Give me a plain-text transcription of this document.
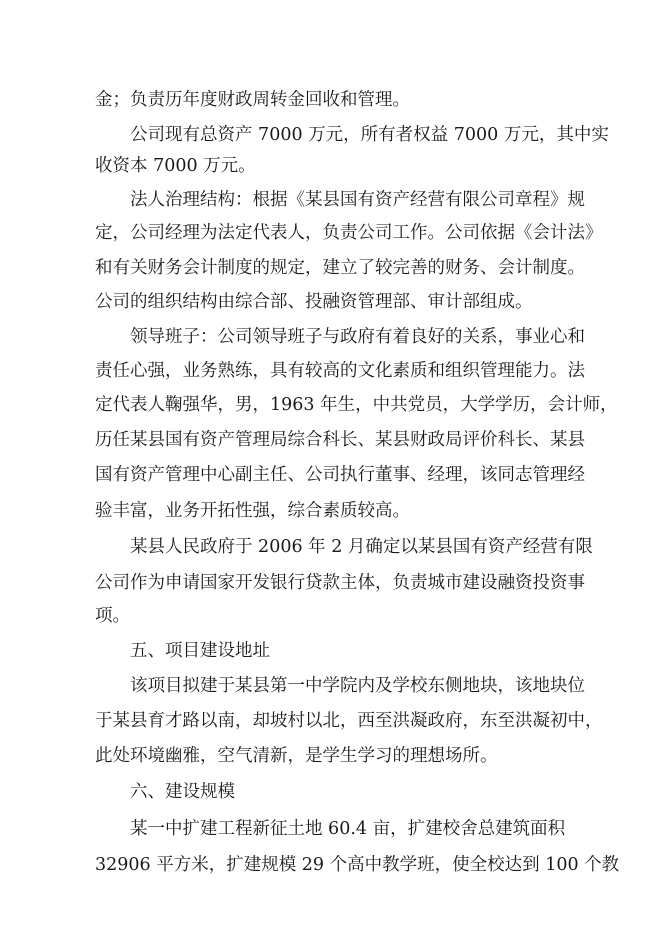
金；负责历年度财政周转金回收和管理。
公司现有总资产 7000 万元，所有者权益 7000 万元，其中实
收资本 7000 万元。
法人治理结构：根据《某县国有资产经营有限公司章程》规
定，公司经理为法定代表人，负责公司工作。公司依据《会计法》
和有关财务会计制度的规定，建立了较完善的财务、会计制度。
公司的组织结构由综合部、投融资管理部、审计部组成。
领导班子：公司领导班子与政府有着良好的关系，事业心和
责任心强，业务熟练，具有较高的文化素质和组织管理能力。法
定代表人鞠强华，男，1963 年生，中共党员，大学学历，会计师，
历任某县国有资产管理局综合科长、某县财政局评价科长、某县
国有资产管理中心副主任、公司执行董事、经理，该同志管理经
验丰富，业务开拓性强，综合素质较高。
某县人民政府于 2006 年 2 月确定以某县国有资产经营有限
公司作为申请国家开发银行贷款主体，负责城市建设融资投资事
项。
五、项目建设地址
该项目拟建于某县第一中学院内及学校东侧地块，该地块位
于某县育才路以南，却坡村以北，西至洪凝政府，东至洪凝初中，
此处环境幽雅，空气清新，是学生学习的理想场所。
六、建设规模
某一中扩建工程新征土地 60.4 亩，扩建校舍总建筑面积
32906 平方米，扩建规模 29 个高中教学班，使全校达到 100 个教
